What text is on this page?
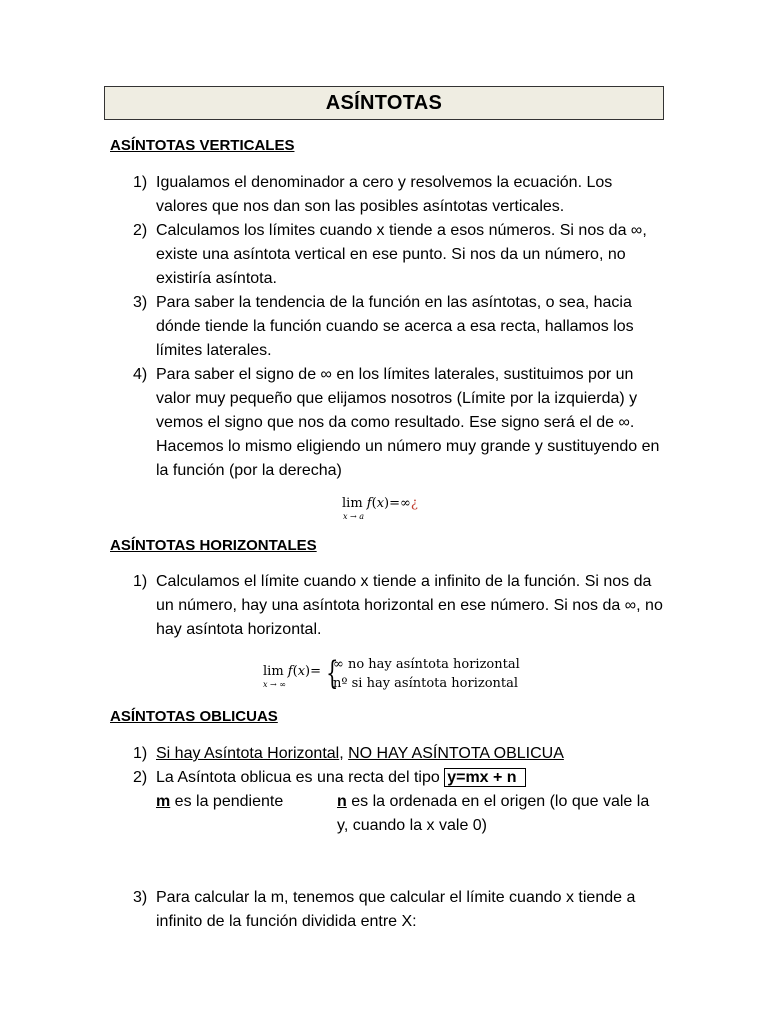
ASÍNTOTAS
ASÍNTOTAS VERTICALES
1) Igualamos el denominador a cero y resolvemos la ecuación. Los valores que nos dan son las posibles asíntotas verticales.
2) Calculamos los límites cuando x tiende a esos números. Si nos da ∞, existe una asíntota vertical en ese punto. Si nos da un número, no existiría asíntota.
3) Para saber la tendencia de la función en las asíntotas, o sea, hacia dónde tiende la función cuando se acerca a esa recta, hallamos los límites laterales.
4) Para saber el signo de ∞ en los límites laterales, sustituimos por un valor muy pequeño que elijamos nosotros (Límite por la izquierda) y vemos el signo que nos da como resultado. Ese signo será el de ∞. Hacemos lo mismo eligiendo un número muy grande y sustituyendo en la función (por la derecha)
lim f(x)=∞¿
x → a
ASÍNTOTAS HORIZONTALES
1) Calculamos el límite cuando x tiende a infinito de la función. Si nos da un número, hay una asíntota horizontal en ese número. Si nos da ∞, no hay asíntota horizontal.
lim f(x)=
x → ∞ {
∞ no hay asíntota horizontal
nº si hay asíntota horizontal
ASÍNTOTAS OBLICUAS
1) Si hay Asíntota Horizontal, NO HAY ASÍNTOTA OBLICUA
2) La Asíntota oblicua es una recta del tipo y=mx + n
m es la pendiente	n es la ordenada en el origen (lo que vale la
y, cuando la x vale 0)
3) Para calcular la m, tenemos que calcular el límite cuando x tiende a infinito de la función dividida entre X:
